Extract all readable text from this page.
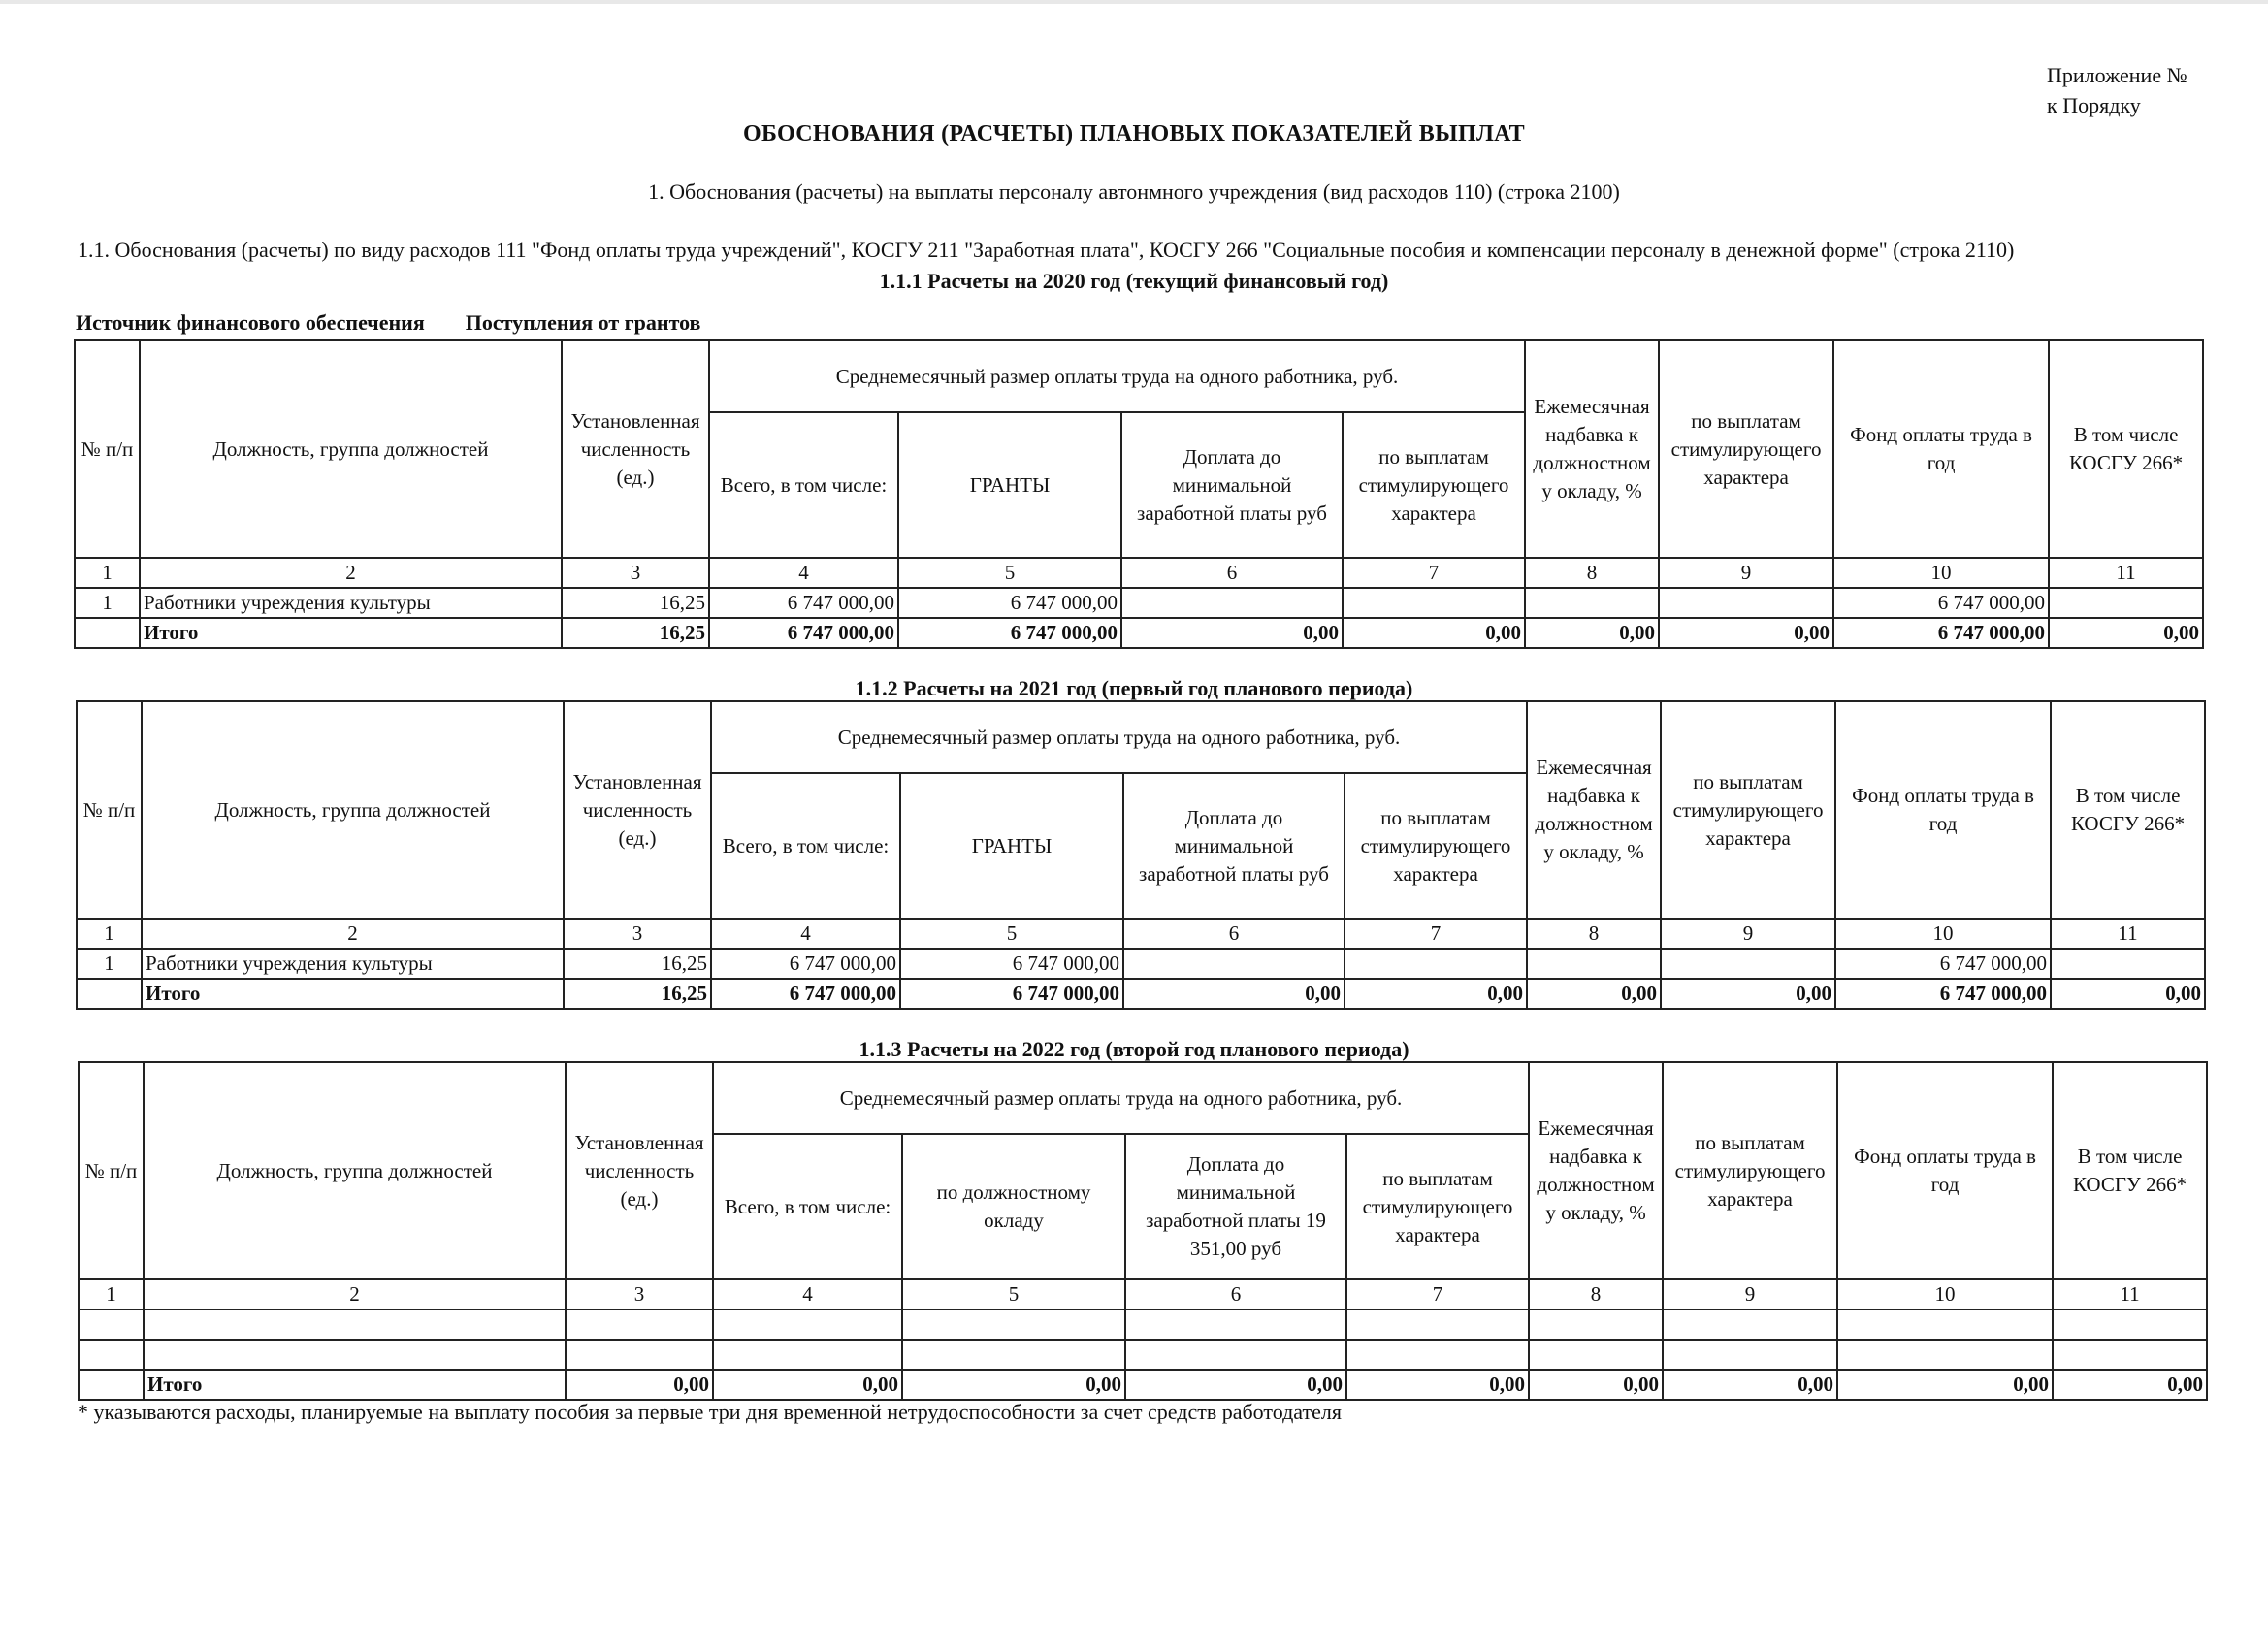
Приложение №
к Порядку
ОБОСНОВАНИЯ (РАСЧЕТЫ) ПЛАНОВЫХ ПОКАЗАТЕЛЕЙ ВЫПЛАТ
1. Обоснования (расчеты) на выплаты персоналу автонмного учреждения (вид расходов 110) (строка 2100)
1.1. Обоснования (расчеты) по виду расходов 111 "Фонд оплаты труда учреждений", КОСГУ 211 "Заработная плата", КОСГУ 266 "Социальные пособия и компенсации персоналу в денежной форме" (строка 2110)
1.1.1 Расчеты на 2020 год (текущий финансовый год)
Источник финансового обеспечения Поступления от грантов
№ п/п	Должность, группа должностей	Установленная численность (ед.)	Среднемесячный размер оплаты труда на одного работника, руб.				Ежемесячная надбавка к должностному окладу, %	по выплатам стимулирующего характера	Фонд оплаты труда в год	В том числе КОСГУ 266*
			Всего, в том числе:	ГРАНТЫ	Доплата до минимальной заработной платы руб	по выплатам стимулирующего характера				
1	2	3	4	5	6	7	8	9	10	11
1	Работники учреждения культуры	16,25	6 747 000,00	6 747 000,00					6 747 000,00	
	Итого	16,25	6 747 000,00	6 747 000,00	0,00	0,00	0,00	0,00	6 747 000,00	0,00
1.1.2 Расчеты на 2021 год (первый год планового периода)
№ п/п	Должность, группа должностей	Установленная численность (ед.)	Среднемесячный размер оплаты труда на одного работника, руб.				Ежемесячная надбавка к должностному окладу, %	по выплатам стимулирующего характера	Фонд оплаты труда в год	В том числе КОСГУ 266*
			Всего, в том числе:	ГРАНТЫ	Доплата до минимальной заработной платы руб	по выплатам стимулирующего характера				
1	2	3	4	5	6	7	8	9	10	11
1	Работники учреждения культуры	16,25	6 747 000,00	6 747 000,00					6 747 000,00	
	Итого	16,25	6 747 000,00	6 747 000,00	0,00	0,00	0,00	0,00	6 747 000,00	0,00
1.1.3 Расчеты на 2022 год (второй год планового периода)
№ п/п	Должность, группа должностей	Установленная численность (ед.)	Среднемесячный размер оплаты труда на одного работника, руб.				Ежемесячная надбавка к должностному окладу, %	по выплатам стимулирующего характера	Фонд оплаты труда в год	В том числе КОСГУ 266*
			Всего, в том числе:	по должностному окладу	Доплата до минимальной заработной платы 19 351,00 руб	по выплатам стимулирующего характера				
1	2	3	4	5	6	7	8	9	10	11

	Итого	0,00	0,00	0,00	0,00	0,00	0,00	0,00	0,00	0,00
* указываются расходы, планируемые на выплату пособия за первые три дня временной нетрудоспособности за счет средств работодателя
